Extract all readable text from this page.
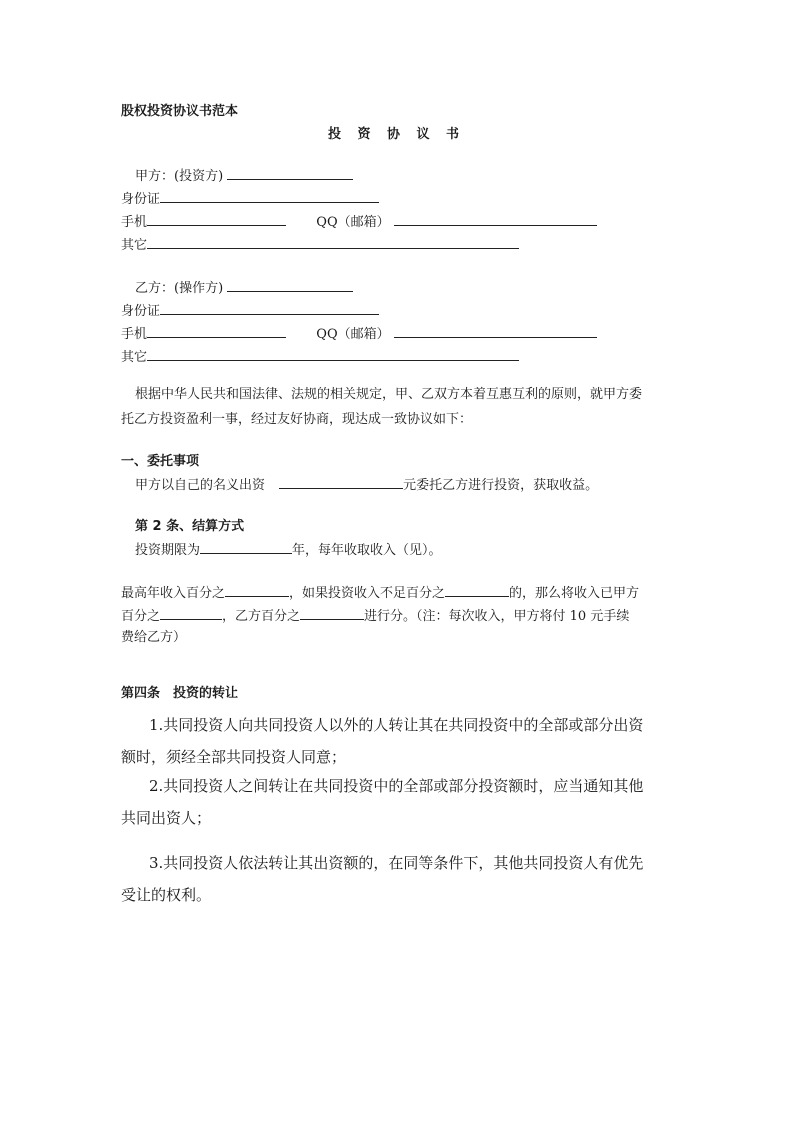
股权投资协议书范本
投 资 协 议 书
甲方：(投资方)
身份证
手机	QQ（邮箱）
其它
乙方：(操作方)
身份证
手机	QQ（邮箱）
其它
根据中华人民共和国法律、法规的相关规定，甲、乙双方本着互惠互利的原则，就甲方委
托乙方投资盈利一事，经过友好协商，现达成一致协议如下：
一、委托事项
甲方以自己的名义出资	元委托乙方进行投资，获取收益。
第 2 条、结算方式
投资期限为	年，每年收取收入（见）。
最高年收入百分之	，如果投资收入不足百分之	的，那么将收入已甲方
百分之	，乙方百分之	进行分。（注：每次收入，甲方将付 10 元手续
费给乙方）
第四条　投资的转让
1.共同投资人向共同投资人以外的人转让其在共同投资中的全部或部分出资
额时，须经全部共同投资人同意；
2.共同投资人之间转让在共同投资中的全部或部分投资额时，应当通知其他
共同出资人；
3.共同投资人依法转让其出资额的，在同等条件下，其他共同投资人有优先
受让的权利。
